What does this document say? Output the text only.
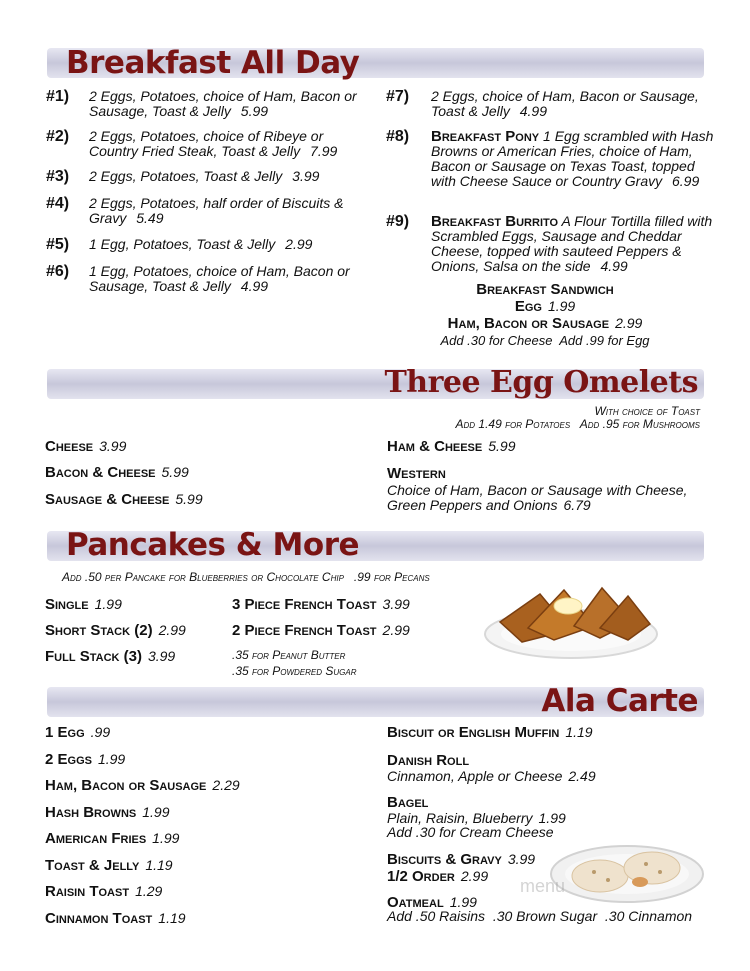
Breakfast All Day
#1) 2 Eggs, Potatoes, choice of Ham, Bacon or Sausage, Toast & Jelly 5.99
#2) 2 Eggs, Potatoes, choice of Ribeye or Country Fried Steak, Toast & Jelly 7.99
#3) 2 Eggs, Potatoes, Toast & Jelly 3.99
#4) 2 Eggs, Potatoes, half order of Biscuits & Gravy 5.49
#5) 1 Egg, Potatoes, Toast & Jelly 2.99
#6) 1 Egg, Potatoes, choice of Ham, Bacon or Sausage, Toast & Jelly 4.99
#7) 2 Eggs, choice of Ham, Bacon or Sausage, Toast & Jelly 4.99
#8) Breakfast Pony 1 Egg scrambled with Hash Browns or American Fries, choice of Ham, Bacon or Sausage on Texas Toast, topped with Cheese Sauce or Country Gravy 6.99
#9) Breakfast Burrito A Flour Tortilla filled with Scrambled Eggs, Sausage and Cheddar Cheese, topped with sauteed Peppers & Onions, Salsa on the side 4.99
Breakfast Sandwich
Egg 1.99
Ham, Bacon or Sausage 2.99
Add .30 for Cheese  Add .99 for Egg
Three Egg Omelets
With choice of Toast
Add 1.49 for Potatoes   Add .95 for Mushrooms
Cheese 3.99
Bacon & Cheese 5.99
Sausage & Cheese 5.99
Ham & Cheese 5.99
Western
Choice of Ham, Bacon or Sausage with Cheese, Green Peppers and Onions 6.79
Pancakes & More
Add .50 per Pancake for Blueberries or Chocolate Chip   .99 for Pecans
Single 1.99
Short Stack (2) 2.99
Full Stack (3) 3.99
3 Piece French Toast 3.99
2 Piece French Toast 2.99
.35 for Peanut Butter
.35 for Powdered Sugar
Ala Carte
1 Egg .99
2 Eggs 1.99
Ham, Bacon or Sausage 2.29
Hash Browns 1.99
American Fries 1.99
Toast & Jelly 1.19
Raisin Toast 1.29
Cinnamon Toast 1.19
Biscuit or English Muffin 1.19
Danish Roll
Cinnamon, Apple or Cheese 2.49
Bagel
Plain, Raisin, Blueberry 1.99
Add .30 for Cream Cheese
menu
Biscuits & Gravy 3.99
1/2 Order 2.99
Oatmeal 1.99
Add .50 Raisins  .30 Brown Sugar  .30 Cinnamon
